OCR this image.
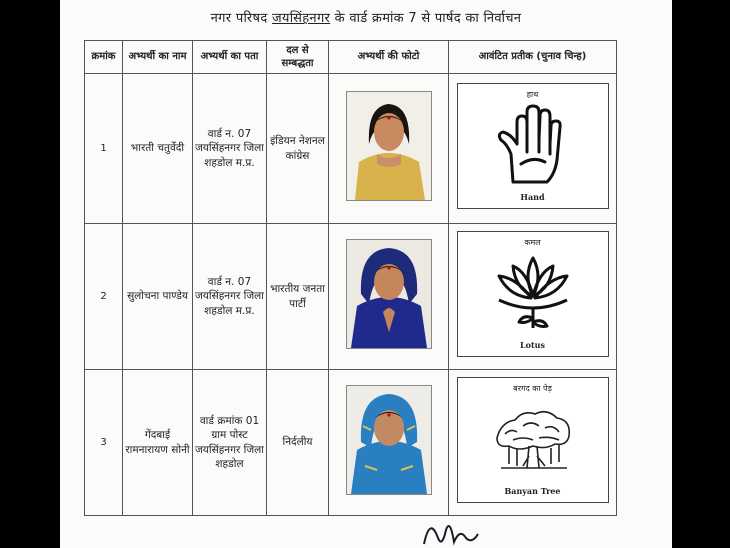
नगर परिषद जयसिंहनगर के वार्ड क्रमांक 7 से पार्षद का निर्वाचन
क्रमांक	अभ्यर्थी का नाम	अभ्यर्थी का पता	दल से सम्बद्धता	अभ्यर्थी की फोटो	आवंटित प्रतीक (चुनाव चिन्ह)
1	भारती चतुर्वेदी	वार्ड न. 07 जयसिंहनगर जिला शहडोल म.प्र.	इंडियन नेशनल कांग्रेस		हाथ
Hand

2	सुलोचना पाण्डेय	वार्ड न. 07 जयसिंहनगर जिला शहडोल म.प्र.	भारतीय जनता पार्टी		कमल
Lotus

3	गेंदबाई रामनारायण सोनी	वार्ड क्रमांक 01 ग्राम पोस्ट जयसिंहनगर जिला शहडोल	निर्दलीय		बरगद का पेड़
Banyan Tree
